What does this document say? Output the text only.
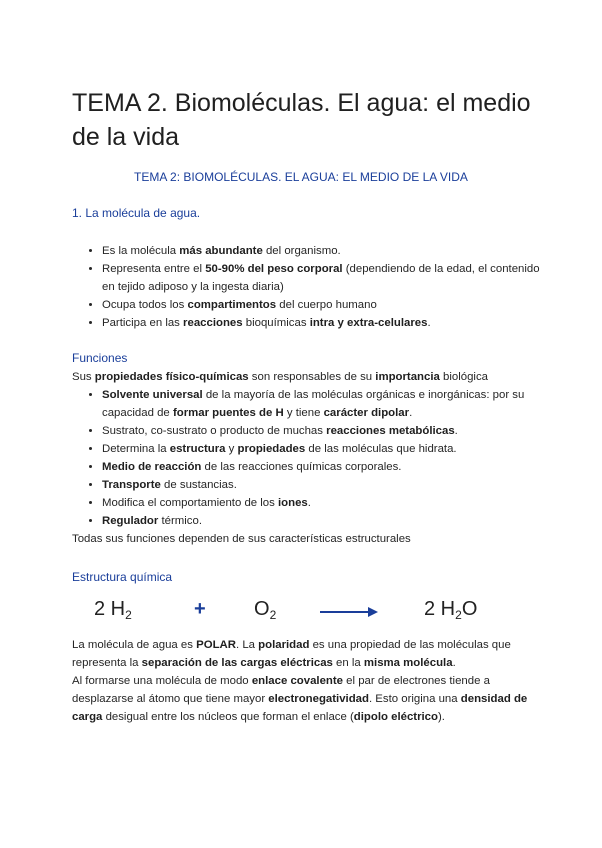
TEMA 2. Biomoléculas. El agua: el medio de la vida
TEMA 2: BIOMOLÉCULAS. EL AGUA: EL MEDIO DE LA VIDA
1. La molécula de agua.
• Es la molécula más abundante del organismo.
• Representa entre el 50-90% del peso corporal (dependiendo de la edad, el contenido en tejido adiposo y la ingesta diaria)
• Ocupa todos los compartimentos del cuerpo humano
• Participa en las reacciones bioquímicas intra y extra-celulares.
Funciones

Sus propiedades físico-químicas son responsables de su importancia biológica

• Solvente universal de la mayoría de las moléculas orgánicas e inorgánicas: por su capacidad de formar puentes de H y tiene carácter dipolar.
• Sustrato, co-sustrato o producto de muchas reacciones metabólicas.
• Determina la estructura y propiedades de las moléculas que hidrata.
• Medio de reacción de las reacciones químicas corporales.
• Transporte de sustancias.
• Modifica el comportamiento de los iones.
• Regulador térmico.

Todas sus funciones dependen de sus características estructurales

Estructura química
2 $H_2$	+ $O_2$	2 $H_2O$

La molécula de agua es POLAR. La polaridad es una propiedad de las moléculas que representa la separación de las cargas eléctricas en la misma molécula.

Al formarse una molécula de modo enlace covalente el par de electrones tiende a desplazarse al átomo que tiene mayor electronegatividad. Esto origina una densidad de carga desigual entre los núcleos que forman el enlace (dipolo eléctrico).
